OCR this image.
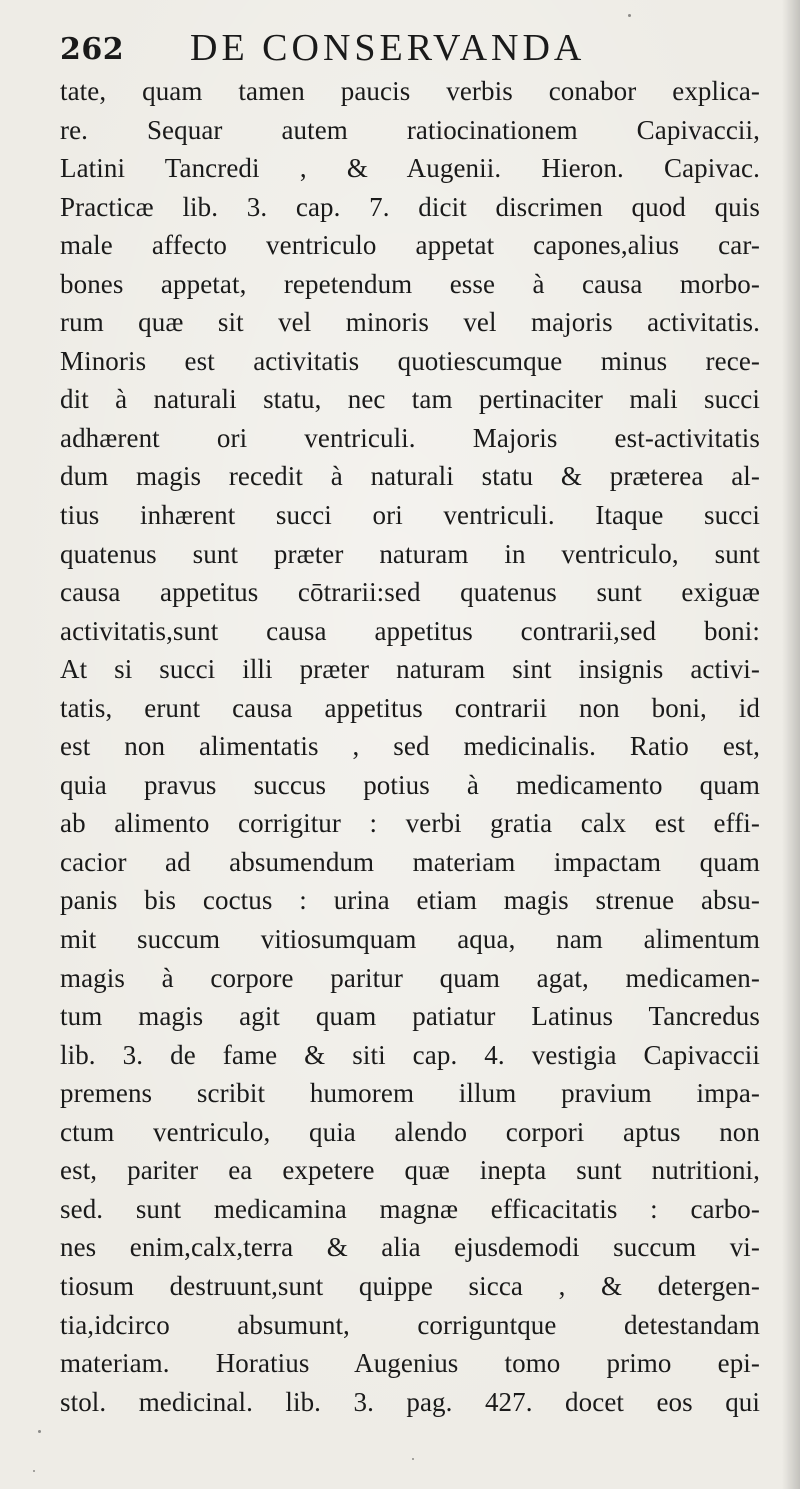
262 DE CONSERVANDA
tate, quam tamen paucis verbis conabor explica-
re. Sequar autem ratiocinationem Capivaccii,
Latini Tancredi , & Augenii. Hieron. Capivac.
Practicæ lib. 3. cap. 7. dicit discrimen quod quis
male affecto ventriculo appetat capones,alius car-
bones appetat, repetendum esse à causa morbo-
rum quæ sit vel minoris vel majoris activitatis.
Minoris est activitatis quotiescumque minus rece-
dit à naturali statu, nec tam pertinaciter mali succi
adhærent ori ventriculi. Majoris est-activitatis
dum magis recedit à naturali statu & præterea al-
tius inhærent succi ori ventriculi. Itaque succi
quatenus sunt præter naturam in ventriculo, sunt
causa appetitus cōtrarii:sed quatenus sunt exiguæ
activitatis,sunt causa appetitus contrarii,sed boni:
At si succi illi præter naturam sint insignis activi-
tatis, erunt causa appetitus contrarii non boni, id
est non alimentatis , sed medicinalis. Ratio est,
quia pravus succus potius à medicamento quam
ab alimento corrigitur : verbi gratia calx est effi-
cacior ad absumendum materiam impactam quam
panis bis coctus : urina etiam magis strenue absu-
mit succum vitiosumquam aqua, nam alimentum
magis à corpore paritur quam agat, medicamen-
tum magis agit quam patiatur Latinus Tancredus
lib. 3. de fame & siti cap. 4. vestigia Capivaccii
premens scribit humorem illum pravium impa-
ctum ventriculo, quia alendo corpori aptus non
est, pariter ea expetere quæ inepta sunt nutritioni,
sed. sunt medicamina magnæ efficacitatis : carbo-
nes enim,calx,terra & alia ejusdemodi succum vi-
tiosum destruunt,sunt quippe sicca , & detergen-
tia,idcirco absumunt, corriguntque detestandam
materiam. Horatius Augenius tomo primo epi-
stol. medicinal. lib. 3. pag. 427. docet eos qui
